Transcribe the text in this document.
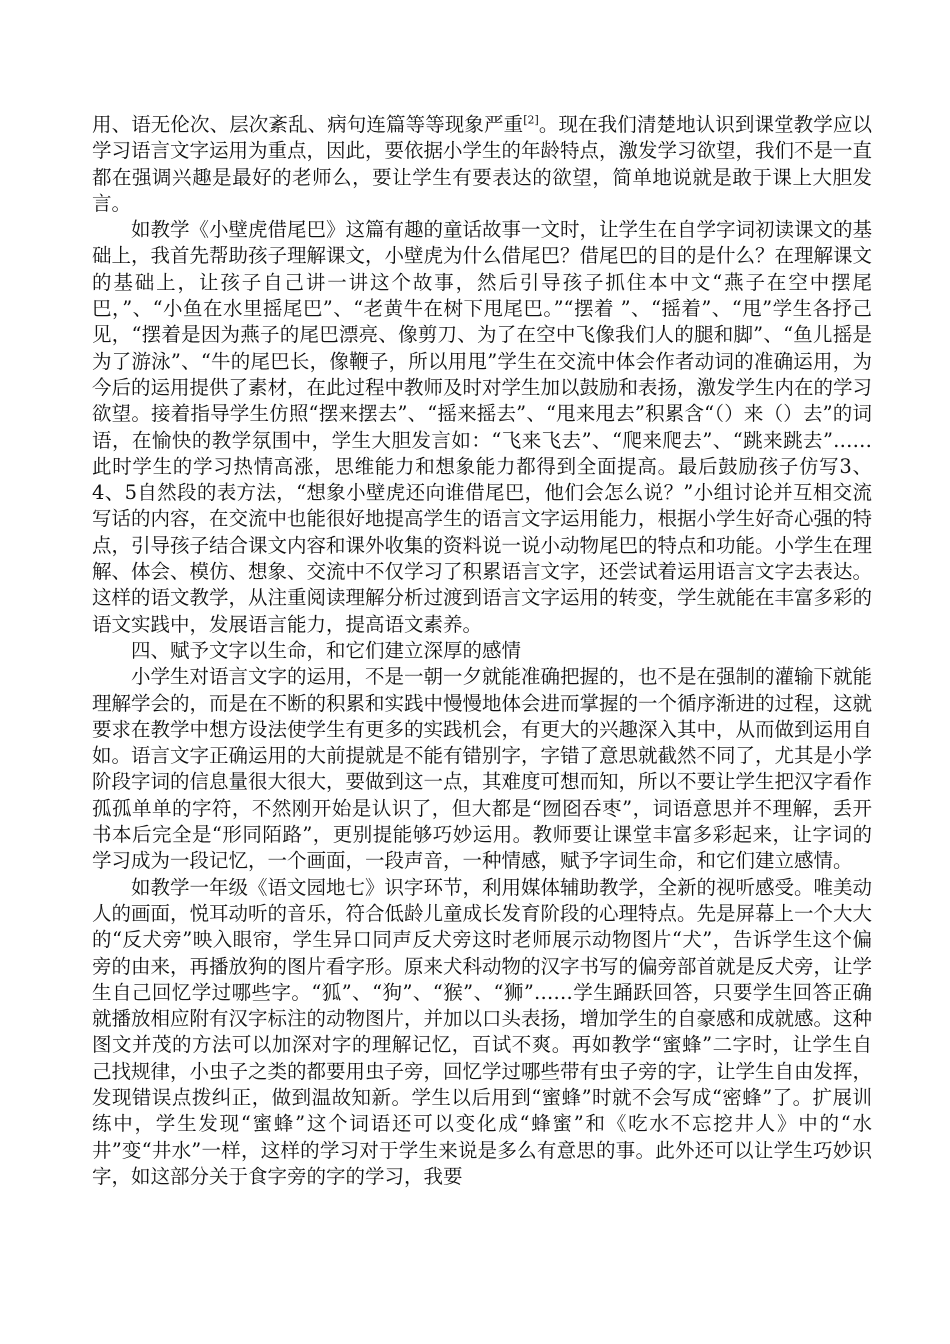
用、语无伦次、层次紊乱、病句连篇等等现象严重[2]。现在我们清楚地认识到课堂教学应以学习语言文字运用为重点，因此，要依据小学生的年龄特点，激发学习欲望，我们不是一直都在强调兴趣是最好的老师么，要让学生有要表达的欲望，简单地说就是敢于课上大胆发言。

如教学《小壁虎借尾巴》这篇有趣的童话故事一文时，让学生在自学字词初读课文的基础上，我首先帮助孩子理解课文，小壁虎为什么借尾巴？借尾巴的目的是什么？在理解课文的基础上，让孩子自己讲一讲这个故事，然后引导孩子抓住本中文“燕子在空中摆尾巴，”、“小鱼在水里摇尾巴”、“老黄牛在树下甩尾巴。”“摆着 ”、“摇着”、“甩”学生各抒己见，“摆着是因为燕子的尾巴漂亮、像剪刀、为了在空中飞像我们人的腿和脚”、“鱼儿摇是为了游泳”、“牛的尾巴长，像鞭子，所以用甩”学生在交流中体会作者动词的准确运用，为今后的运用提供了素材，在此过程中教师及时对学生加以鼓励和表扬，激发学生内在的学习欲望。接着指导学生仿照“摆来摆去”、“摇来摇去”、“甩来甩去”积累含“（）来（）去”的词语，在愉快的教学氛围中，学生大胆发言如：“飞来飞去”、“爬来爬去”、“跳来跳去”……此时学生的学习热情高涨，思维能力和想象能力都得到全面提高。最后鼓励孩子仿写3、4、5自然段的表方法，“想象小壁虎还向谁借尾巴，他们会怎么说？”小组讨论并互相交流写话的内容，在交流中也能很好地提高学生的语言文字运用能力，根据小学生好奇心强的特点，引导孩子结合课文内容和课外收集的资料说一说小动物尾巴的特点和功能。小学生在理解、体会、模仿、想象、交流中不仅学习了积累语言文字，还尝试着运用语言文字去表达。这样的语文教学，从注重阅读理解分析过渡到语言文字运用的转变，学生就能在丰富多彩的语文实践中，发展语言能力，提高语文素养。

四、赋予文字以生命，和它们建立深厚的感情

小学生对语言文字的运用，不是一朝一夕就能准确把握的，也不是在强制的灌输下就能理解学会的，而是在不断的积累和实践中慢慢地体会进而掌握的一个循序渐进的过程，这就要求在教学中想方设法使学生有更多的实践机会，有更大的兴趣深入其中，从而做到运用自如。语言文字正确运用的大前提就是不能有错别字，字错了意思就截然不同了，尤其是小学阶段字词的信息量很大很大，要做到这一点，其难度可想而知，所以不要让学生把汉字看作孤孤单单的字符，不然刚开始是认识了，但大都是“囫囵吞枣”，词语意思并不理解，丢开书本后完全是“形同陌路”，更别提能够巧妙运用。教师要让课堂丰富多彩起来，让字词的学习成为一段记忆，一个画面，一段声音，一种情感，赋予字词生命，和它们建立感情。

如教学一年级《语文园地七》识字环节，利用媒体辅助教学，全新的视听感受。唯美动人的画面，悦耳动听的音乐，符合低龄儿童成长发育阶段的心理特点。先是屏幕上一个大大的“反犬旁”映入眼帘，学生异口同声反犬旁这时老师展示动物图片“犬”，告诉学生这个偏旁的由来，再播放狗的图片看字形。原来犬科动物的汉字书写的偏旁部首就是反犬旁，让学生自己回忆学过哪些字。“狐”、“狗”、“猴”、“狮”……学生踊跃回答，只要学生回答正确就播放相应附有汉字标注的动物图片，并加以口头表扬，增加学生的自豪感和成就感。这种图文并茂的方法可以加深对字的理解记忆，百试不爽。再如教学“蜜蜂”二字时，让学生自己找规律，小虫子之类的都要用虫子旁，回忆学过哪些带有虫子旁的字，让学生自由发挥，发现错误点拨纠正，做到温故知新。学生以后用到“蜜蜂”时就不会写成“密蜂”了。扩展训练中，学生发现“蜜蜂”这个词语还可以变化成“蜂蜜”和《吃水不忘挖井人》中的“水井”变“井水”一样，这样的学习对于学生来说是多么有意思的事。此外还可以让学生巧妙识字，如这部分关于食字旁的字的学习，我要
